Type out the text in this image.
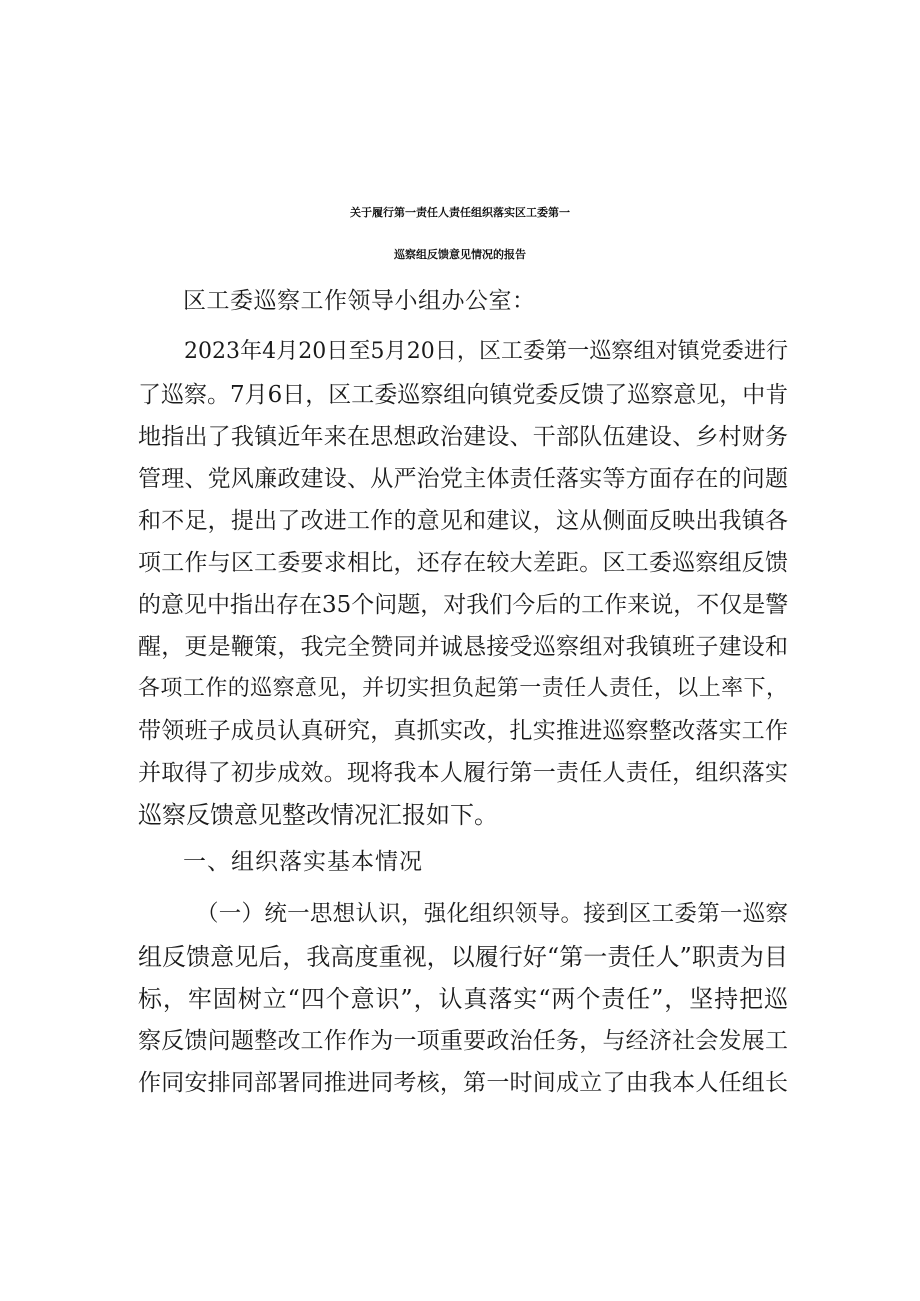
关于履行第一责任人责任组织落实区工委第一
巡察组反馈意见情况的报告
区工委巡察工作领导小组办公室：
2023年4月20日至5月20日，区工委第一巡察组对镇党委进行
了巡察。7月6日，区工委巡察组向镇党委反馈了巡察意见，中肯
地指出了我镇近年来在思想政治建设、干部队伍建设、乡村财务
管理、党风廉政建设、从严治党主体责任落实等方面存在的问题
和不足，提出了改进工作的意见和建议，这从侧面反映出我镇各
项工作与区工委要求相比，还存在较大差距。区工委巡察组反馈
的意见中指出存在35个问题，对我们今后的工作来说，不仅是警
醒，更是鞭策，我完全赞同并诚恳接受巡察组对我镇班子建设和
各项工作的巡察意见，并切实担负起第一责任人责任，以上率下，
带领班子成员认真研究，真抓实改，扎实推进巡察整改落实工作
并取得了初步成效。现将我本人履行第一责任人责任，组织落实
巡察反馈意见整改情况汇报如下。
一、组织落实基本情况
（一）统一思想认识，强化组织领导。接到区工委第一巡察
组反馈意见后，我高度重视，以履行好“第一责任人”职责为目
标，牢固树立“四个意识”，认真落实“两个责任”，坚持把巡
察反馈问题整改工作作为一项重要政治任务，与经济社会发展工
作同安排同部署同推进同考核，第一时间成立了由我本人任组长
